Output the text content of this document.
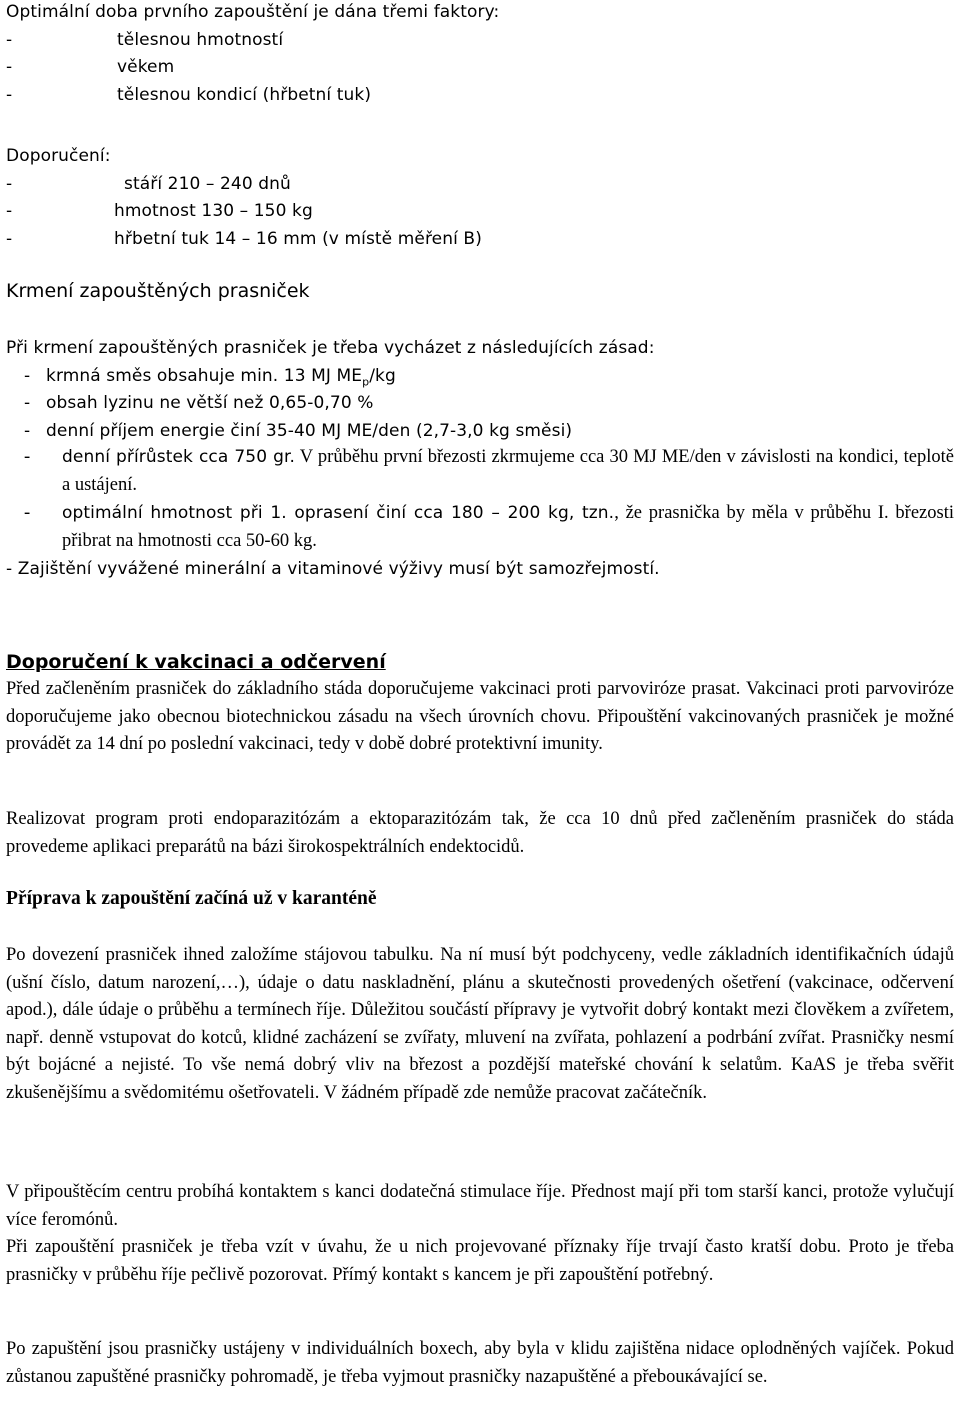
Optimální doba prvního zapouštění je dána třemi faktory:
-	tělesnou hmotností
-	věkem
-	tělesnou kondicí (hřbetní tuk)
Doporučení:
-	stáří 210 – 240 dnů
-	hmotnost 130 – 150 kg
-	hřbetní tuk 14 – 16 mm (v místě měření B)
Krmení zapouštěných prasniček
Při krmení zapouštěných prasniček je třeba vycházet z následujících zásad:
- krmná směs obsahuje min. 13 MJ $ME_p/kg$
- obsah lyzinu ne větší než 0,65-0,70 %
- denní příjem energie činí 35-40 MJ ME/den (2,7-3,0 kg směsi)
- denní přírůstek cca 750 gr. V průběhu první březosti zkrmujeme cca 30 MJ ME/den v závislosti na kondici, teplotě a ustájení.
- optimální hmotnost při 1. oprasení činí cca 180 – 200 kg, tzn., že prasnička by měla v průběhu I. březosti přibrat na hmotnosti cca 50-60 kg.
- Zajištění vyvážené minerální a vitaminové výživy musí být samozřejmostí.
Doporučení k vakcinaci a odčervení
Před začleněním prasniček do základního stáda doporučujeme vakcinaci proti parvoviróze prasat. Vakcinaci proti parvoviróze doporučujeme jako obecnou biotechnickou zásadu na všech úrovních chovu. Připouštění vakcinovaných prasniček je možné provádět za 14 dní po poslední vakcinaci, tedy v době dobré protektivní imunity.
Realizovat program proti endoparazitózám a ektoparazitózám tak, že cca 10 dnů před začleněním prasniček do stáda provedeme aplikaci preparátů na bázi širokospektrálních endektocidů.
Příprava k zapouštění začíná už v karanténě
Po dovezení prasniček ihned založíme stájovou tabulku. Na ní musí být podchyceny, vedle základních identifikačních údajů (ušní číslo, datum narození,…), údaje o datu naskladnění, plánu a skutečnosti provedených ošetření (vakcinace, odčervení apod.), dále údaje o průběhu a termínech říje. Důležitou součástí přípravy je vytvořit dobrý kontakt mezi člověkem a zvířetem, např. denně vstupovat do kotců, klidné zacházení se zvířaty, mluvení na zvířata, pohlazení a podrbání zvířat. Prasničky nesmí být bojácné a nejisté. To vše nemá dobrý vliv na březost a pozdější mateřské chování k selatům. KaAS je třeba svěřit zkušenějšímu a svědomitému ošetřovateli. V žádném případě zde nemůže pracovat začátečník.
V připouštěcím centru probíhá kontaktem s kanci dodatečná stimulace říje. Přednost mají při tom starší kanci, protože vylučují více feromónů.
Při zapouštění prasniček je třeba vzít v úvahu, že u nich projevované příznaky říje trvají často kratší dobu. Proto je třeba prasničky v průběhu říje pečlivě pozorovat. Přímý kontakt s kancem je při zapouštění potřebný.
Po zapuštění jsou prasničky ustájeny v individuálních boxech, aby byla v klidu zajištěna nidace oplodněných vajíček. Pokud zůstanou zapuštěné prasničky pohromadě, je třeba vyjmout prasničky nazapuštěné a přebouкávající se.
